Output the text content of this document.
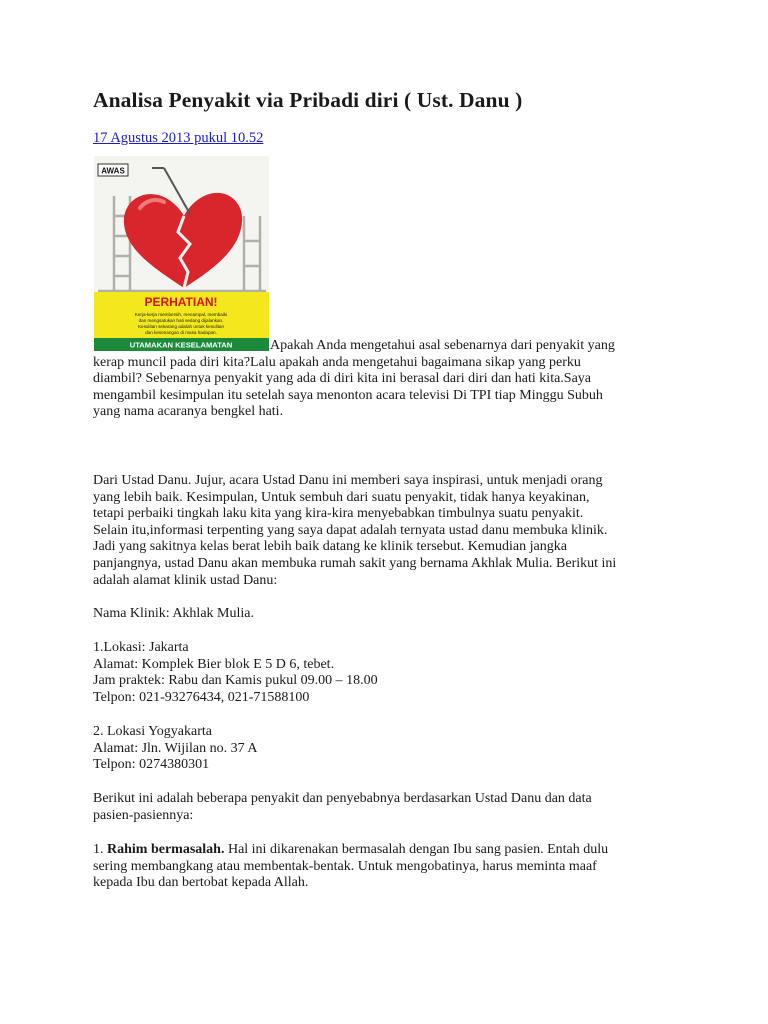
Analisa Penyakit via Pribadi diri ( Ust. Danu )
17 Agustus 2013 pukul 10.52
AWAS
PERHATIAN!
Kerja-kerja membersih, menampal, membaiki
dan mengsatukan hati sedang dijalankan.
Kesulitan sekarang adalah untuk kesulitan
dan kesenangan di masa hadapan.
UTAMAKAN KESELAMATAN	Apakah Anda mengetahui asal sebenarnya dari penyakit yang
kerap muncil pada diri kita?Lalu apakah anda mengetahui bagaimana sikap yang perku
diambil? Sebenarnya penyakit yang ada di diri kita ini berasal dari diri dan hati kita.Saya
mengambil kesimpulan itu setelah saya menonton acara televisi Di TPI tiap Minggu Subuh
yang nama acaranya bengkel hati.
Dari Ustad Danu. Jujur, acara Ustad Danu ini memberi saya inspirasi, untuk menjadi orang
yang lebih baik. Kesimpulan, Untuk sembuh dari suatu penyakit, tidak hanya keyakinan,
tetapi perbaiki tingkah laku kita yang kira-kira menyebabkan timbulnya suatu penyakit.
Selain itu,informasi terpenting yang saya dapat adalah ternyata ustad danu membuka klinik.
Jadi yang sakitnya kelas berat lebih baik datang ke klinik tersebut. Kemudian jangka
panjangnya, ustad Danu akan membuka rumah sakit yang bernama Akhlak Mulia. Berikut ini
adalah alamat klinik ustad Danu:
Nama Klinik: Akhlak Mulia.
1.Lokasi: Jakarta
Alamat: Komplek Bier blok E 5 D 6, tebet.
Jam praktek: Rabu dan Kamis pukul 09.00 – 18.00
Telpon: 021-93276434, 021-71588100
2. Lokasi Yogyakarta
Alamat: Jln. Wijilan no. 37 A
Telpon: 0274380301
Berikut ini adalah beberapa penyakit dan penyebabnya berdasarkan Ustad Danu dan data
pasien-pasiennya:
1. Rahim bermasalah. Hal ini dikarenakan bermasalah dengan Ibu sang pasien. Entah dulu
sering membangkang atau membentak-bentak. Untuk mengobatinya, harus meminta maaf
kepada Ibu dan bertobat kepada Allah.
